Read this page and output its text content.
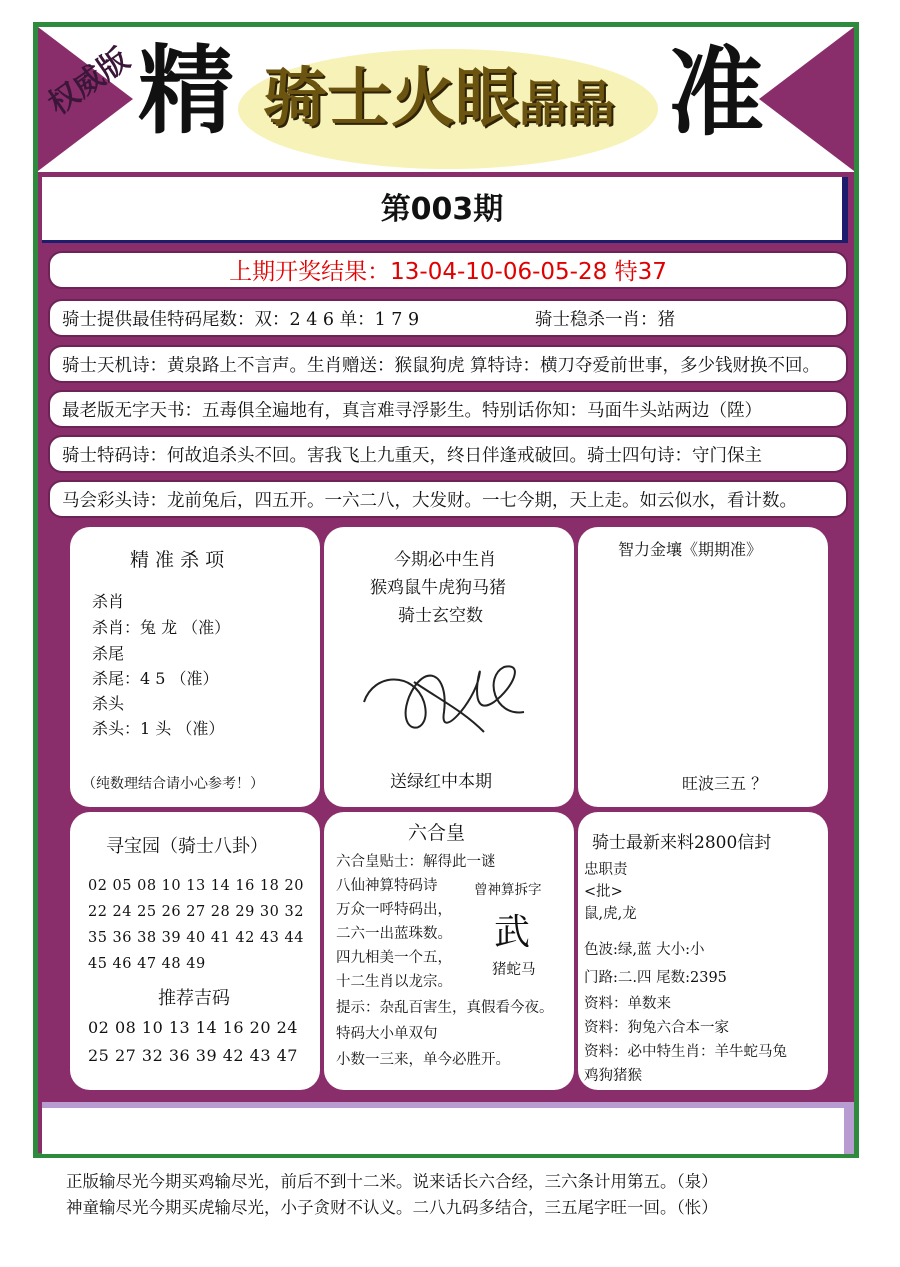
权威版 精 骑士火眼晶晶 准
第003期
上期开奖结果：13-04-10-06-05-28 特37
骑士提供最佳特码尾数：双：2 4 6 单：1 7 9	骑士稳杀一肖：猪
骑士天机诗：黄泉路上不言声。生肖赠送：猴鼠狗虎 算特诗：横刀夺爱前世事，多少钱财换不回。
最老版无字天书：五毒俱全遍地有，真言难寻浮影生。特别话你知：马面牛头站两边（陞）
骑士特码诗：何故追杀头不回。害我飞上九重天，终日伴逢戒破回。骑士四句诗：守门保主
马会彩头诗：龙前兔后，四五开。一六二八，大发财。一七今期，天上走。如云似水，看计数。
精 准 杀 项
杀肖
杀肖：兔 龙 （准）
杀尾
杀尾：4 5 （准）
杀头
杀头：1 头 （准）
（纯数理结合请小心参考！）
今期必中生肖
猴鸡鼠牛虎狗马猪
骑士玄空数
送绿红中本期
智力金壤《期期准》
旺波三五 ？
寻宝园（骑士八卦）
02 05 08 10 13 14 16 18 20
22 24 25 26 27 28 29 30 32
35 36 38 39 40 41 42 43 44
45 46 47 48 49
推荐吉码
02 08 10 13 14 16 20 24
25 27 32 36 39 42 43 47
六合皇
六合皇贴士：解得此一谜
八仙神算特码诗
万众一呼特码出，
二六一出蓝珠数。
四九相美一个五，
十二生肖以龙宗。
曾神算拆字
武
猪蛇马
提示：杂乱百害生，真假看今夜。
特码大小单双句
小数一三来，单今必胜开。
骑士最新来料2800信封
忠职责
<批>
鼠,虎,龙
色波:绿,蓝 大小:小
门路:二.四 尾数:2395
资料：单数来
资料：狗兔六合本一家
资料：必中特生肖：羊牛蛇马兔
鸡狗猪猴
正版输尽光今期买鸡输尽光，前后不到十二米。说来话长六合经，三六条计用第五。（泉）
神童输尽光今期买虎输尽光，小子贪财不认义。二八九码多结合，三五尾字旺一回。（怅）
